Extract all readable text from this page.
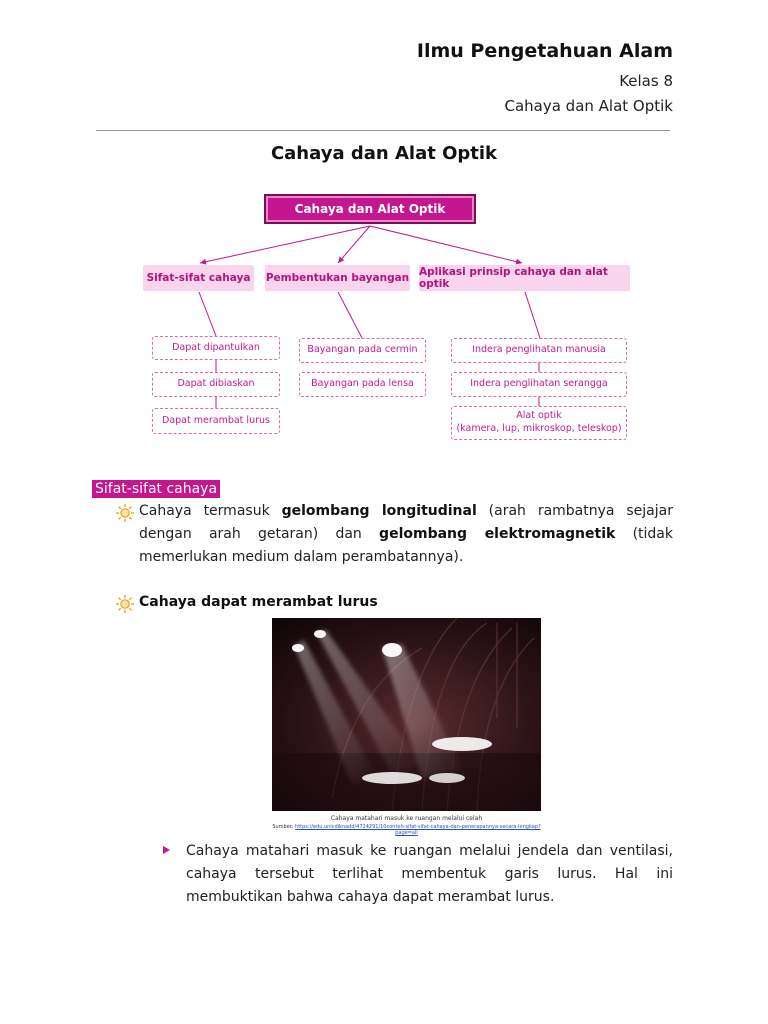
Ilmu Pengetahuan Alam
Kelas 8
Cahaya dan Alat Optik
Cahaya dan Alat Optik
Cahaya dan Alat Optik
Sifat-sifat cahaya	Pembentukan bayangan Aplikasi prinsip cahaya dan alat optik
Dapat dipantulkan
Dapat dibiaskan
Dapat merambat lurus
Bayangan pada cermin
Bayangan pada lensa
Indera penglihatan manusia
Indera penglihatan serangga
Alat optik
(kamera, lup, mikroskop, teleskop)
Sifat-sifat cahaya
Cahaya termasuk gelombang longitudinal (arah rambatnya sejajar dengan arah getaran) dan gelombang elektromagnetik (tidak memerlukan medium dalam perambatannya).
Cahaya dapat merambat lurus
Cahaya matahari masuk ke ruangan melalui celah
Sumber: https://edu.unicdiknadd/4724291/10contoh-sifat-sifat-cahaya-dan-penerapannya-secara-lengkap?page=all
Cahaya matahari masuk ke ruangan melalui jendela dan ventilasi, cahaya tersebut terlihat membentuk garis lurus. Hal ini membuktikan bahwa cahaya dapat merambat lurus.
